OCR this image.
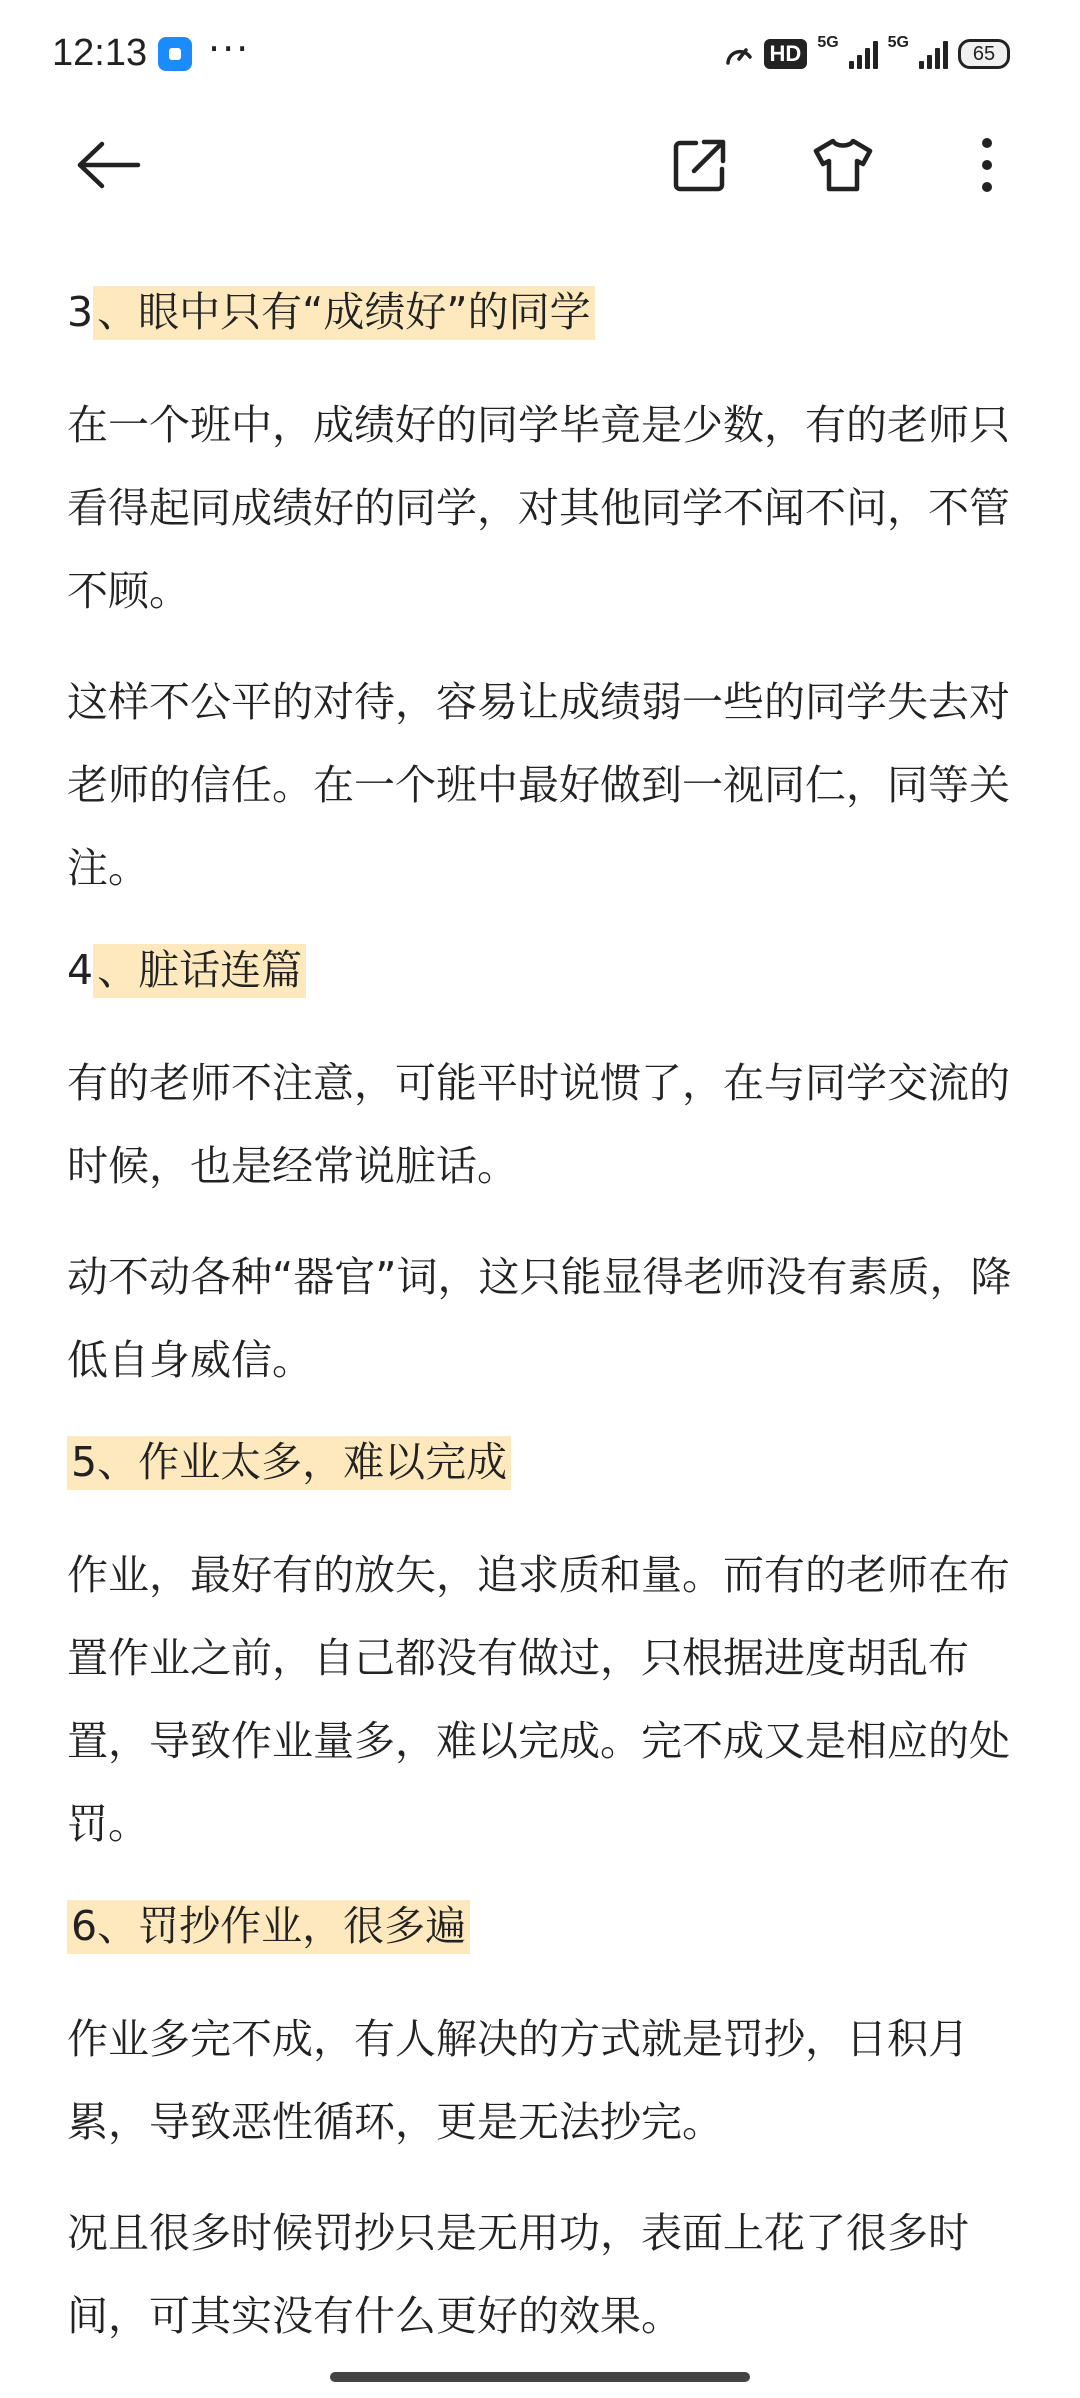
12:13 ···	HD	5G	5G	65
3、眼中只有“成绩好”的同学

在一个班中，成绩好的同学毕竟是少数，有的老师只看得起同成绩好的同学，对其他同学不闻不问，不管不顾。

这样不公平的对待，容易让成绩弱一些的同学失去对老师的信任。在一个班中最好做到一视同仁，同等关注。

4、脏话连篇

有的老师不注意，可能平时说惯了，在与同学交流的时候，也是经常说脏话。

动不动各种“器官”词，这只能显得老师没有素质，降低自身威信。

5、作业太多，难以完成

作业，最好有的放矢，追求质和量。而有的老师在布置作业之前，自己都没有做过，只根据进度胡乱布置，导致作业量多，难以完成。完不成又是相应的处罚。

6、罚抄作业，很多遍

作业多完不成，有人解决的方式就是罚抄，日积月累，导致恶性循环，更是无法抄完。

况且很多时候罚抄只是无用功，表面上花了很多时间，可其实没有什么更好的效果。
